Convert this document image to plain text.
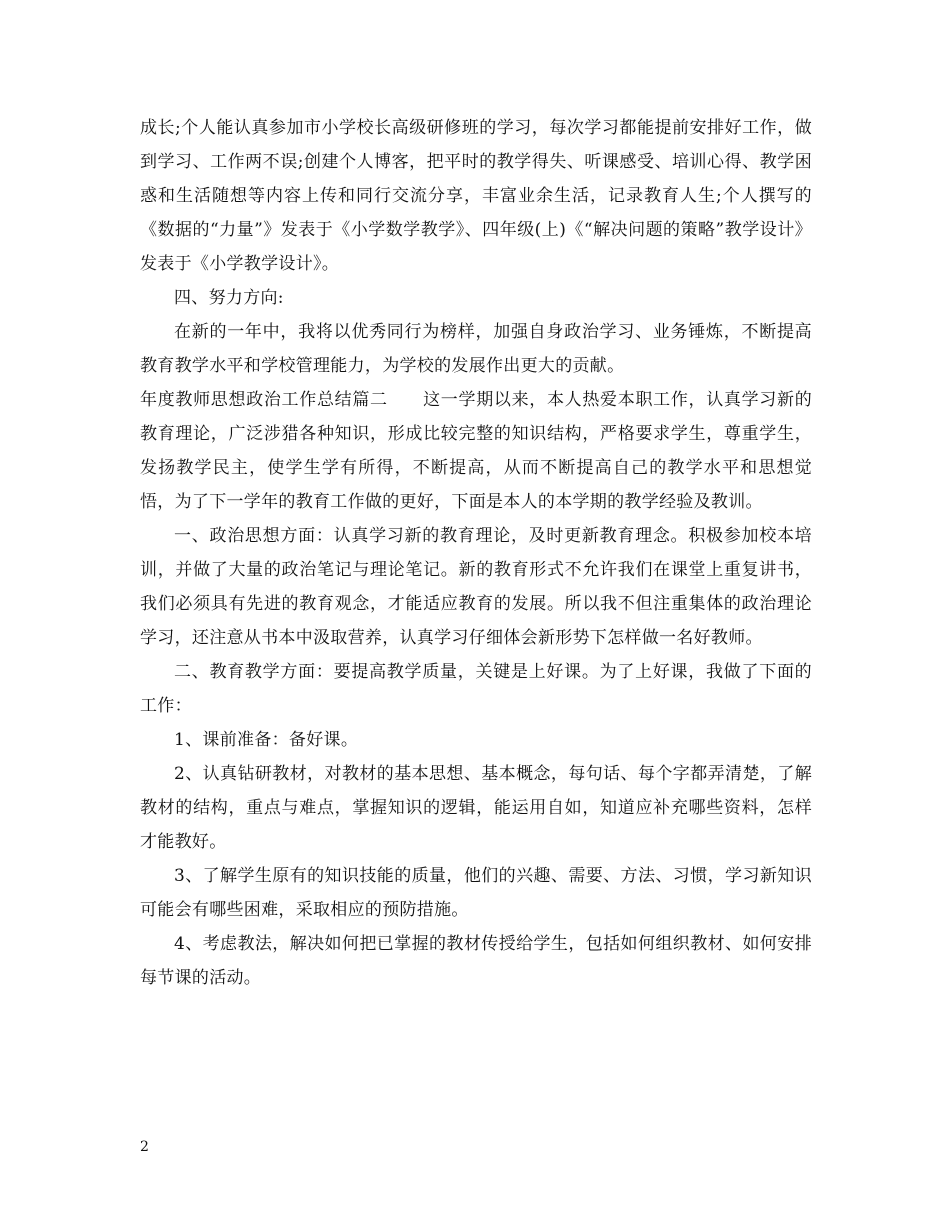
成长;个人能认真参加市小学校长高级研修班的学习，每次学习都能提前安排好工作，做到学习、工作两不误;创建个人博客，把平时的教学得失、听课感受、培训心得、教学困惑和生活随想等内容上传和同行交流分享，丰富业余生活，记录教育人生;个人撰写的《数据的“力量”》发表于《小学数学教学》、四年级(上)《“解决问题的策略”教学设计》发表于《小学教学设计》。

四、努力方向:

在新的一年中，我将以优秀同行为榜样，加强自身政治学习、业务锤炼，不断提高教育教学水平和学校管理能力，为学校的发展作出更大的贡献。

年度教师思想政治工作总结篇二　　这一学期以来，本人热爱本职工作，认真学习新的教育理论，广泛涉猎各种知识，形成比较完整的知识结构，严格要求学生，尊重学生，发扬教学民主，使学生学有所得，不断提高，从而不断提高自己的教学水平和思想觉悟，为了下一学年的教育工作做的更好，下面是本人的本学期的教学经验及教训。

一、政治思想方面：认真学习新的教育理论，及时更新教育理念。积极参加校本培训，并做了大量的政治笔记与理论笔记。新的教育形式不允许我们在课堂上重复讲书，我们必须具有先进的教育观念，才能适应教育的发展。所以我不但注重集体的政治理论学习，还注意从书本中汲取营养，认真学习仔细体会新形势下怎样做一名好教师。

二、教育教学方面：要提高教学质量，关键是上好课。为了上好课，我做了下面的工作：

1、课前准备：备好课。

2、认真钻研教材，对教材的基本思想、基本概念，每句话、每个字都弄清楚，了解教材的结构，重点与难点，掌握知识的逻辑，能运用自如，知道应补充哪些资料，怎样才能教好。

3、了解学生原有的知识技能的质量，他们的兴趣、需要、方法、习惯，学习新知识可能会有哪些困难，采取相应的预防措施。

4、考虑教法，解决如何把已掌握的教材传授给学生，包括如何组织教材、如何安排每节课的活动。

2
